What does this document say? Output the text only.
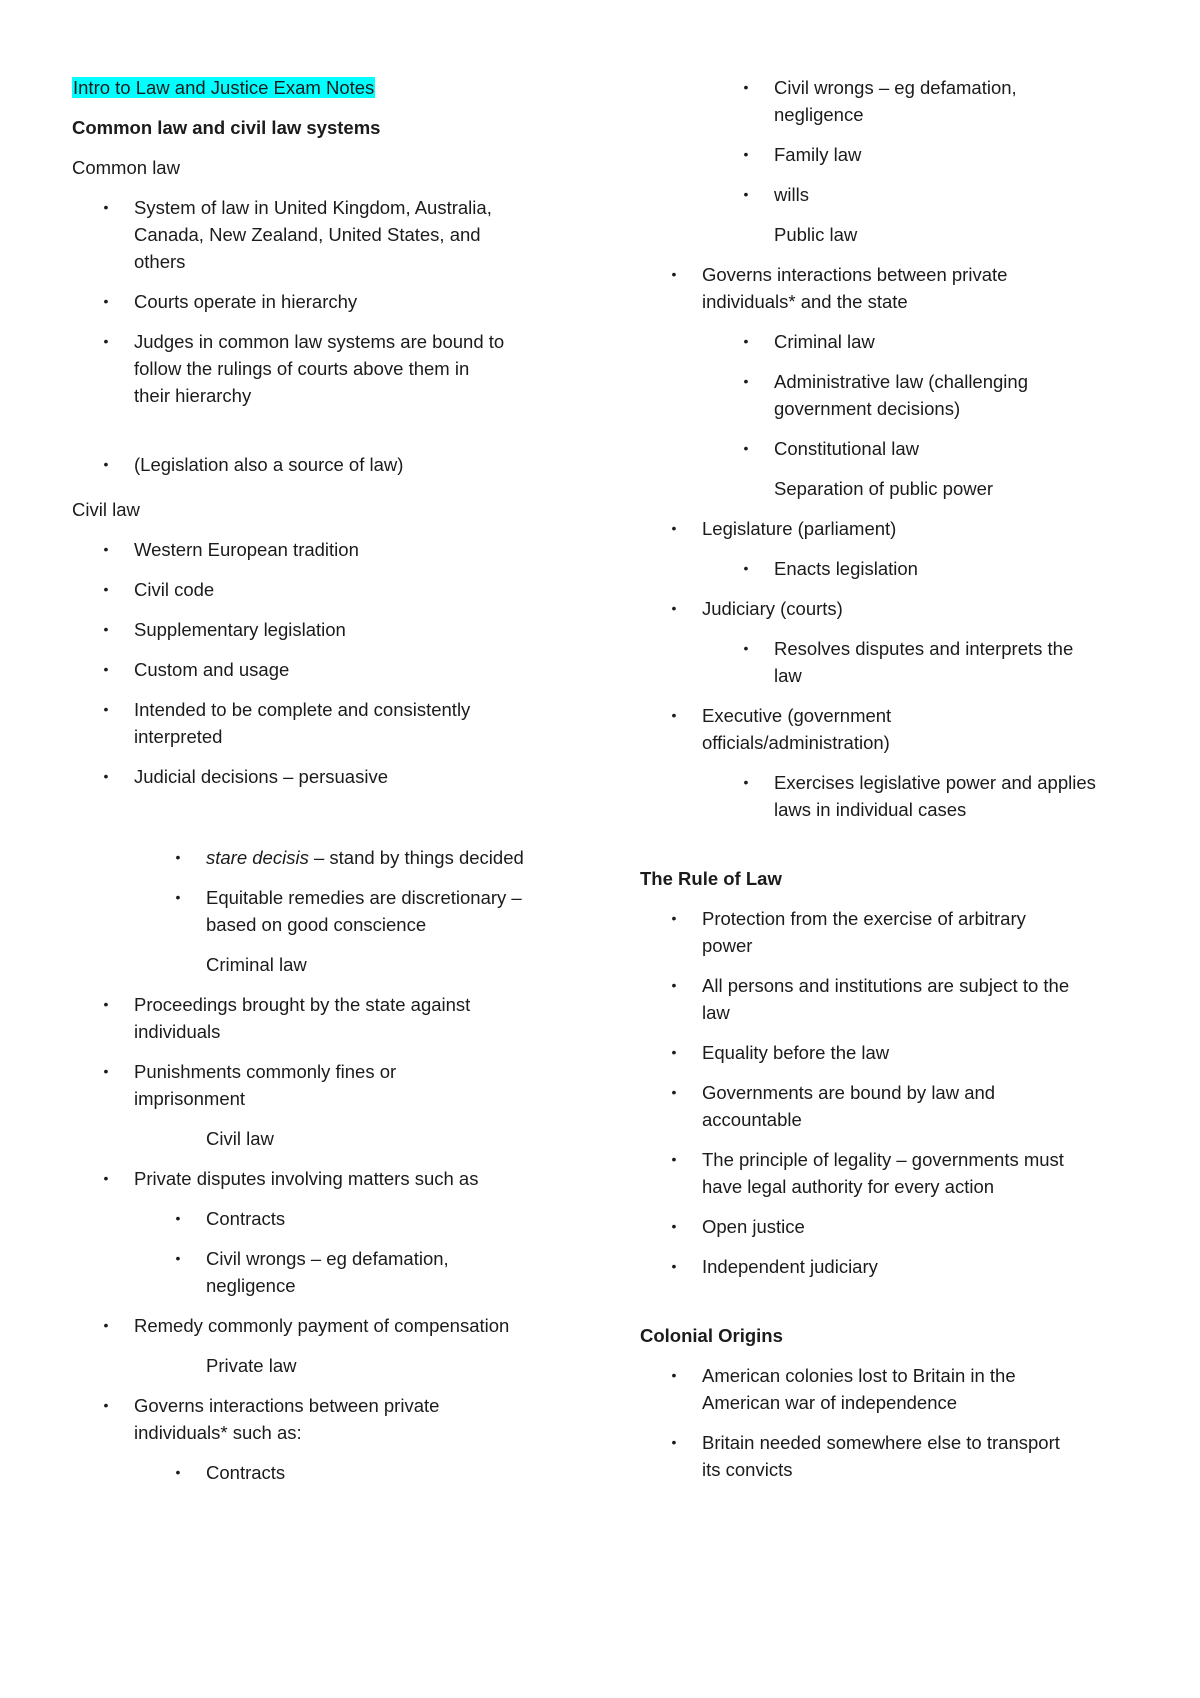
Intro to Law and Justice Exam Notes
Common law and civil law systems
Common law
• System of law in United Kingdom, Australia,
Canada, New Zealand, United States, and
others
• Courts operate in hierarchy
• Judges in common law systems are bound to
follow the rulings of courts above them in
their hierarchy
• (Legislation also a source of law)
Civil law
• Western European tradition
• Civil code
• Supplementary legislation
• Custom and usage
• Intended to be complete and consistently
interpreted
• Judicial decisions – persuasive
• stare decisis – stand by things decided
• Equitable remedies are discretionary –
based on good conscience
Criminal law
• Proceedings brought by the state against
individuals
• Punishments commonly fines or
imprisonment
Civil law
• Private disputes involving matters such as
• Contracts
• Civil wrongs – eg defamation,
negligence
• Remedy commonly payment of compensation
Private law
• Governs interactions between private
individuals* such as:
• Contracts
• Civil wrongs – eg defamation,
negligence
• Family law
• wills
Public law
• Governs interactions between private
individuals* and the state
• Criminal law
• Administrative law (challenging
government decisions)
• Constitutional law
Separation of public power
• Legislature (parliament)
• Enacts legislation
• Judiciary (courts)
• Resolves disputes and interprets the
law
• Executive (government
officials/administration)
• Exercises legislative power and applies
laws in individual cases
The Rule of Law
• Protection from the exercise of arbitrary
power
• All persons and institutions are subject to the
law
• Equality before the law
• Governments are bound by law and
accountable
• The principle of legality – governments must
have legal authority for every action
• Open justice
• Independent judiciary
Colonial Origins
• American colonies lost to Britain in the
American war of independence
• Britain needed somewhere else to transport
its convicts
